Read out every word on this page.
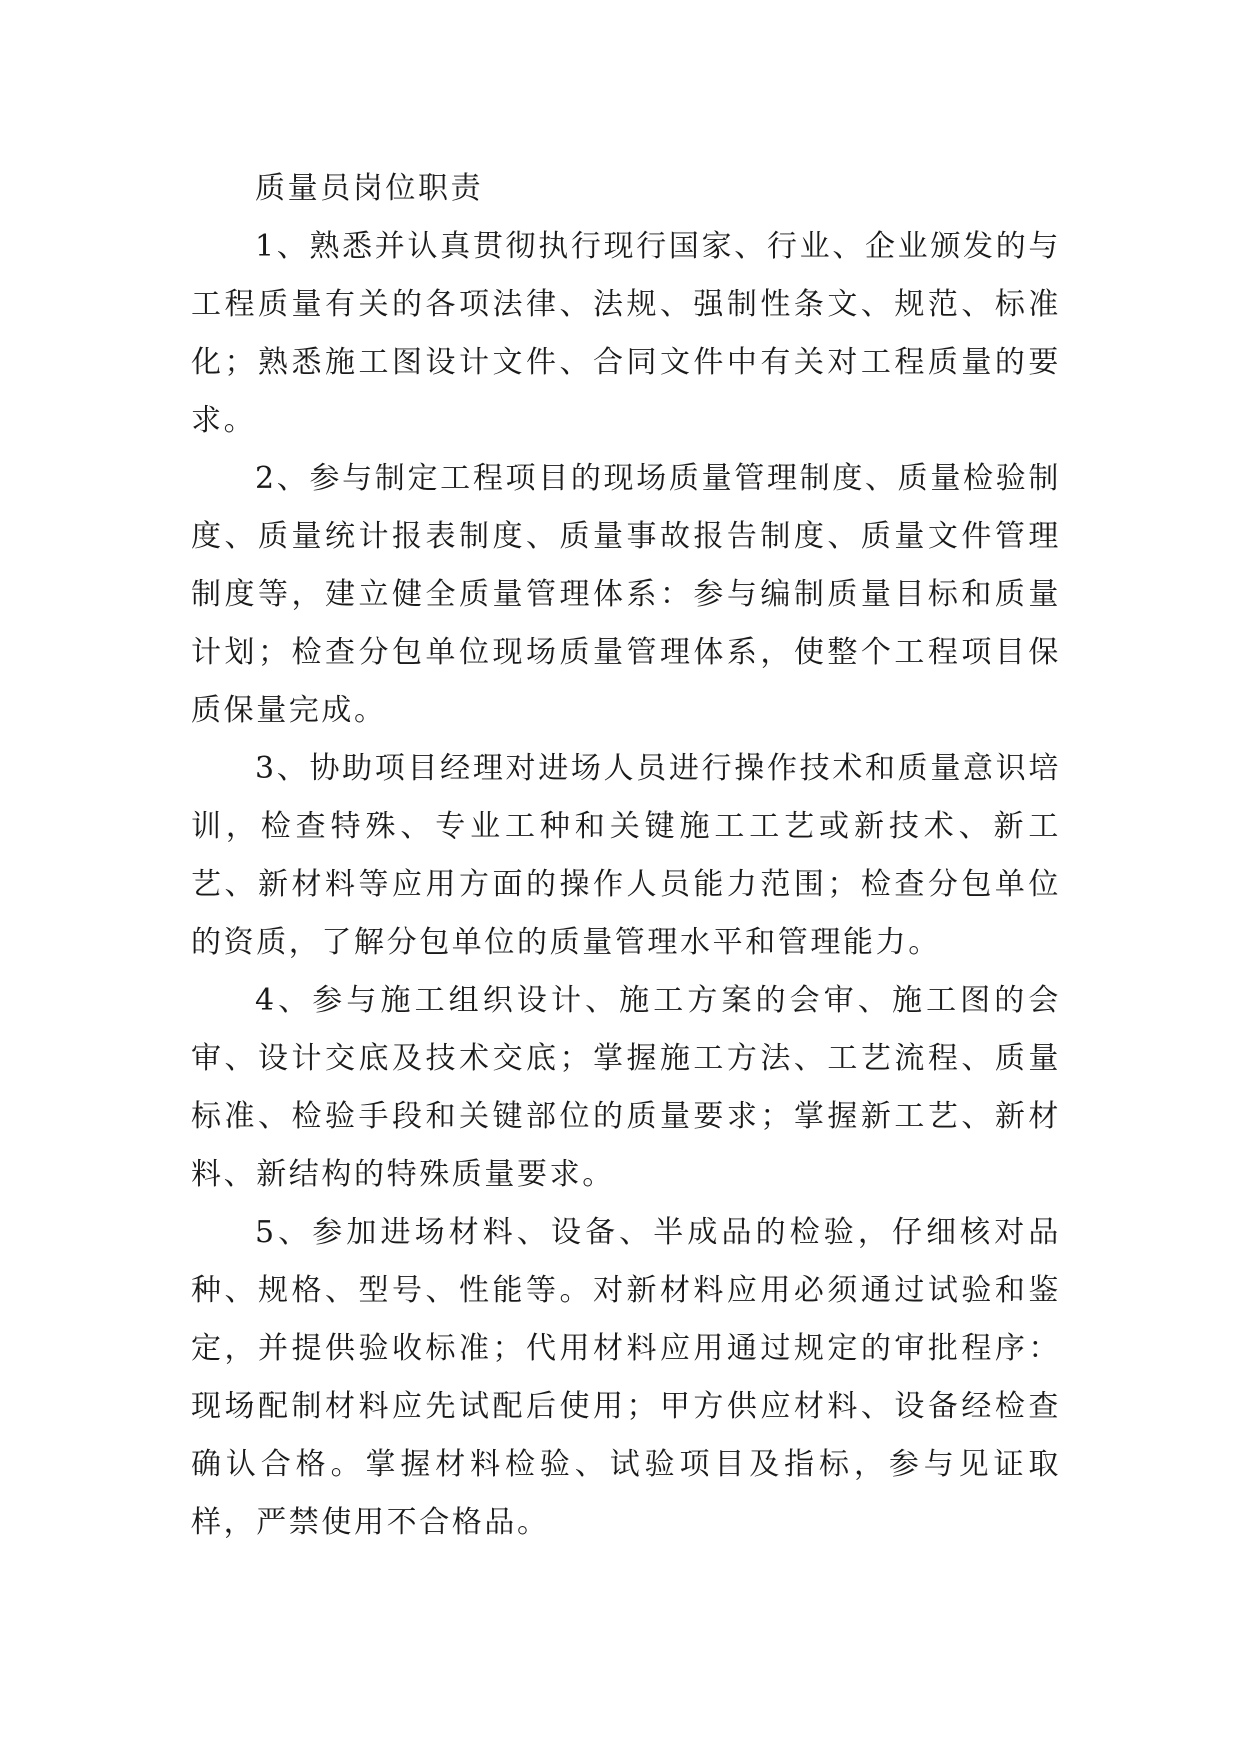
质量员岗位职责

1、熟悉并认真贯彻执行现行国家、行业、企业颁发的与工程质量有关的各项法律、法规、强制性条文、规范、标准化；熟悉施工图设计文件、合同文件中有关对工程质量的要求。

2、参与制定工程项目的现场质量管理制度、质量检验制度、质量统计报表制度、质量事故报告制度、质量文件管理制度等，建立健全质量管理体系：参与编制质量目标和质量计划；检查分包单位现场质量管理体系，使整个工程项目保质保量完成。

3、协助项目经理对进场人员进行操作技术和质量意识培训，检查特殊、专业工种和关键施工工艺或新技术、新工艺、新材料等应用方面的操作人员能力范围；检查分包单位的资质，了解分包单位的质量管理水平和管理能力。

4、参与施工组织设计、施工方案的会审、施工图的会审、设计交底及技术交底；掌握施工方法、工艺流程、质量标准、检验手段和关键部位的质量要求；掌握新工艺、新材料、新结构的特殊质量要求。

5、参加进场材料、设备、半成品的检验，仔细核对品种、规格、型号、性能等。对新材料应用必须通过试验和鉴定，并提供验收标准；代用材料应用通过规定的审批程序：现场配制材料应先试配后使用；甲方供应材料、设备经检查确认合格。掌握材料检验、试验项目及指标，参与见证取样，严禁使用不合格品。
